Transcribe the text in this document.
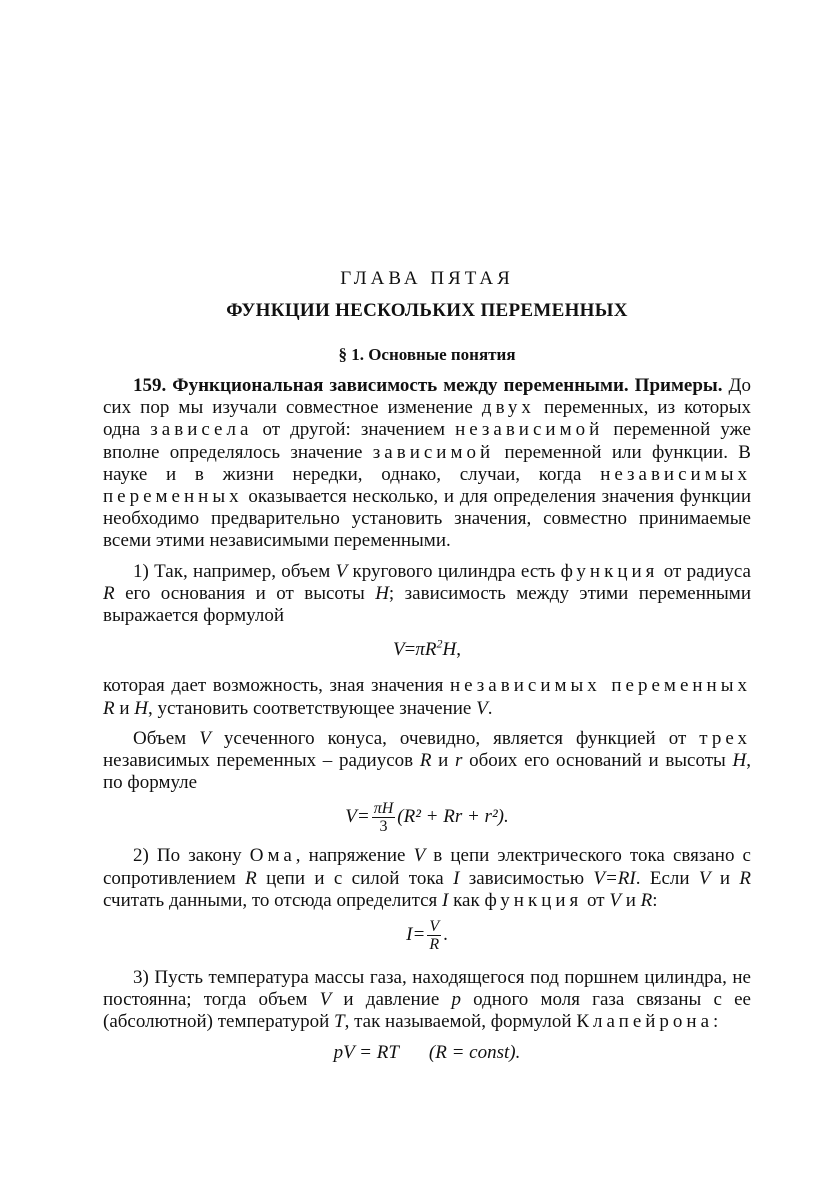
ГЛАВА ПЯТАЯ
ФУНКЦИИ НЕСКОЛЬКИХ ПЕРЕМЕННЫХ
§ 1. Основные понятия

159. Функциональная зависимость между переменными. Примеры. До сих пор мы изучали совместное изменение двух переменных, из которых одна зависела от другой: значением независимой переменной уже вполне определялось значение зависимой переменной или функции. В науке и в жизни нередки, однако, случаи, когда независимых переменных оказывается несколько, и для определения значения функции необходимо предварительно установить значения, совместно принимаемые всеми этими независимыми переменными.

1) Так, например, объем V кругового цилиндра есть функция от радиуса R его основания и от высоты H; зависимость между этими переменными выражается формулой

$V=\pi R^2H$,

которая дает возможность, зная значения независимых переменных R и H, установить соответствующее значение V.

Объем V усеченного конуса, очевидно, является функцией от трех независимых переменных – радиусов R и r обоих его оснований и высоты H, по формуле

$V= \frac{\pi H}{3} (R^2 + Rr + r^2)$.

2) По закону Ома, напряжение V в цепи электрического тока связано с сопротивлением R цепи и с силой тока I зависимостью V=RI. Если V и R считать данными, то отсюда определится I как функция от V и R:

$I= \frac{V}{R}$ .

3) Пусть температура массы газа, находящегося под поршнем цилиндра, не постоянна; тогда объем V и давление p одного моля газа связаны с ее (абсолютной) температурой T, так называемой, формулой Клапейрона:

pV = RT (R = const).
